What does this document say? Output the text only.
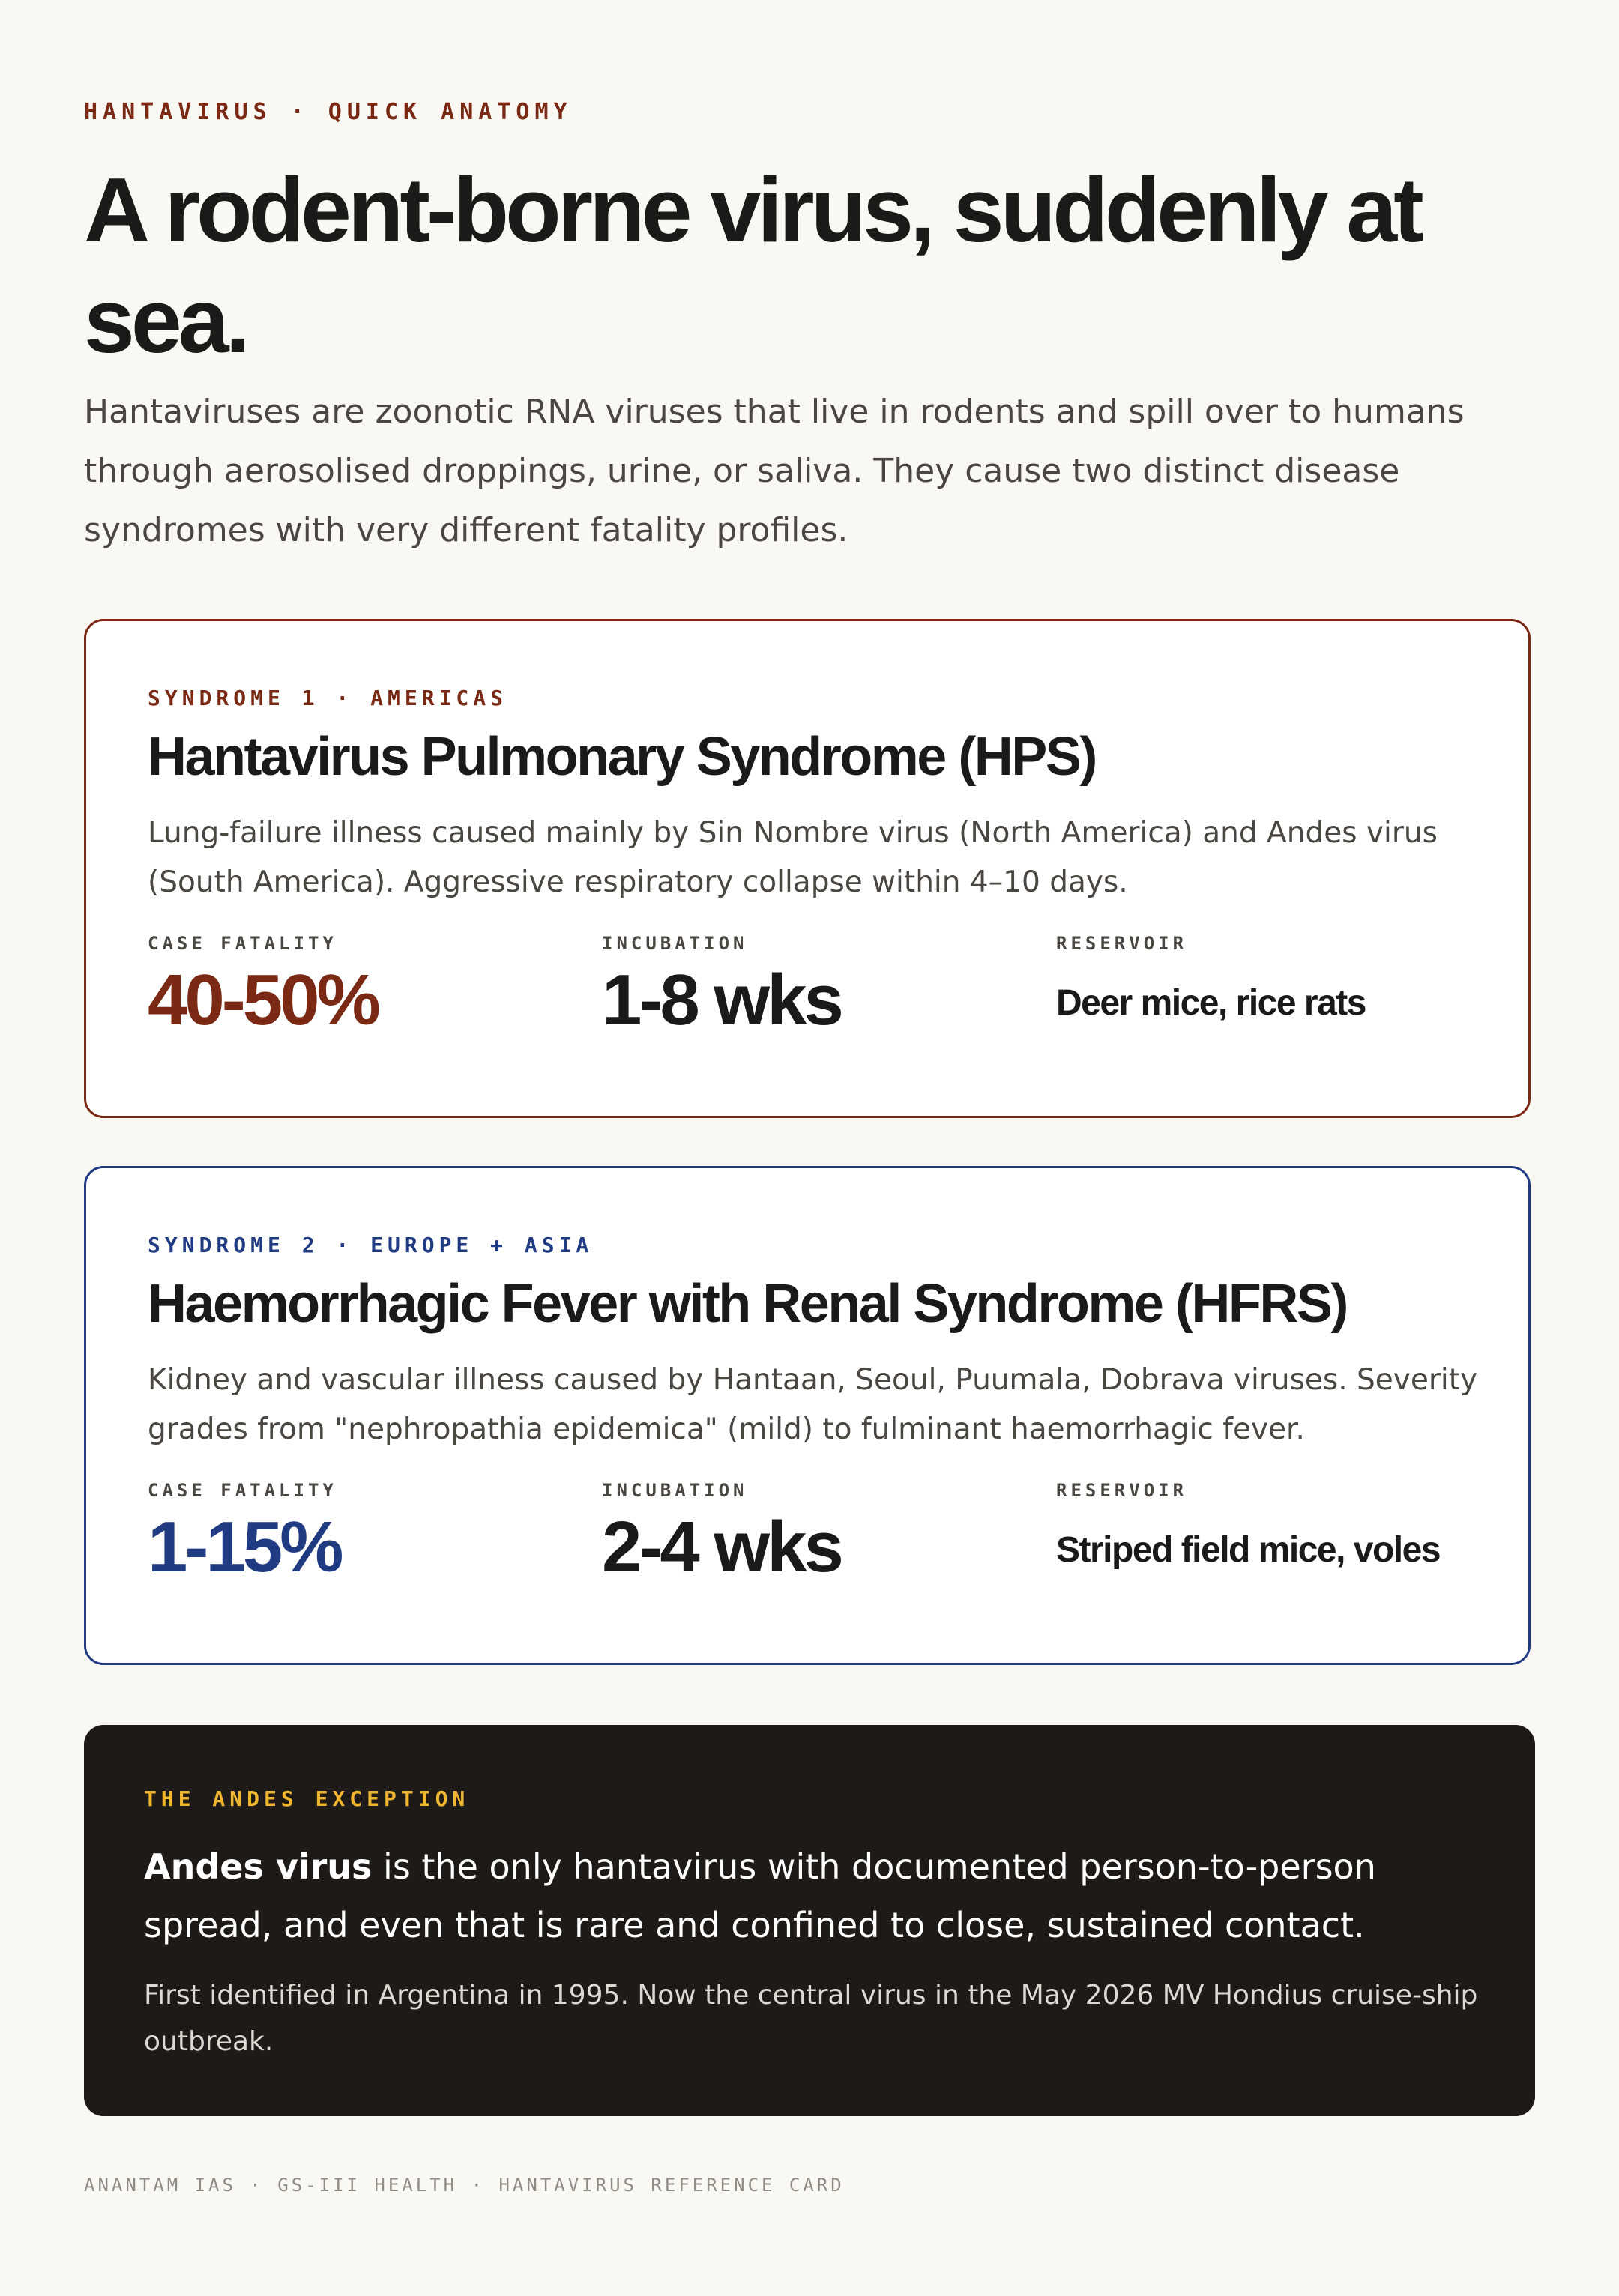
HANTAVIRUS · QUICK ANATOMY
A rodent-borne virus, suddenly at sea.
Hantaviruses are zoonotic RNA viruses that live in rodents and spill over to humans through aerosolised droppings, urine, or saliva. They cause two distinct disease syndromes with very different fatality profiles.
SYNDROME 1 · AMERICAS
Hantavirus Pulmonary Syndrome (HPS)
Lung-failure illness caused mainly by Sin Nombre virus (North America) and Andes virus (South America). Aggressive respiratory collapse within 4–10 days.
CASE FATALITY
40-50%
INCUBATION
1-8 wks
RESERVOIR
Deer mice, rice rats
SYNDROME 2 · EUROPE + ASIA
Haemorrhagic Fever with Renal Syndrome (HFRS)
Kidney and vascular illness caused by Hantaan, Seoul, Puumala, Dobrava viruses. Severity grades from "nephropathia epidemica" (mild) to fulminant haemorrhagic fever.
CASE FATALITY
1-15%
INCUBATION
2-4 wks
RESERVOIR
Striped field mice, voles
THE ANDES EXCEPTION
Andes virus is the only hantavirus with documented person-to-person spread, and even that is rare and confined to close, sustained contact.
First identified in Argentina in 1995. Now the central virus in the May 2026 MV Hondius cruise-ship outbreak.
ANANTAM IAS · GS-III HEALTH · HANTAVIRUS REFERENCE CARD
